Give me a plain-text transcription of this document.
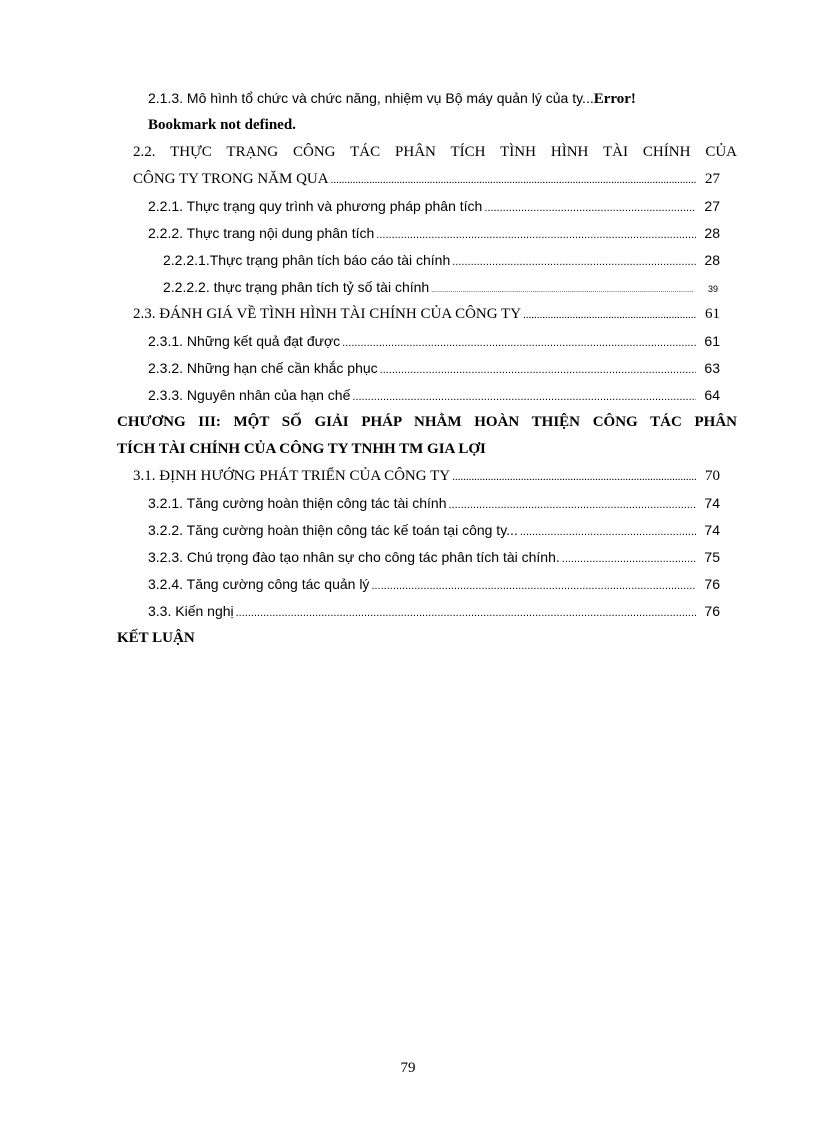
2.1.3. Mô hình tổ chức và chức năng, nhiệm vụ Bộ máy quản lý của ty...Error!
Bookmark not defined.
2.2. THỰC TRẠNG CÔNG TÁC PHÂN TÍCH TÌNH HÌNH TÀI CHÍNH CỦA
CÔNG TY TRONG NĂM QUA .....	27
2.2.1. Thực trạng quy trình và phương pháp phân tích .....	27
2.2.2. Thực trang nội dung phân tích .....	28
2.2.2.1.Thực trạng phân tích báo cáo tài chính .....	28
2.2.2.2. thực trạng phân tích tỷ số tài chính .....	39
2.3. ĐÁNH GIÁ VỀ TÌNH HÌNH TÀI CHÍNH CỦA CÔNG TY .....	61
2.3.1. Những kết quả đạt được .....	61
2.3.2. Những hạn chế cần khắc phục .....	63
2.3.3. Nguyên nhân của hạn chế .....	64
CHƯƠNG III: MỘT SỐ GIẢI PHÁP NHẰM HOÀN THIỆN CÔNG TÁC PHÂN
TÍCH TÀI CHÍNH CỦA CÔNG TY TNHH TM GIA LỢI
3.1. ĐỊNH HƯỚNG PHÁT TRIỂN CỦA CÔNG TY .....	70
3.2.1. Tăng cường hoàn thiện công tác tài chính .....	74
3.2.2. Tăng cường hoàn thiện công tác kế toán tại công ty... .....	74
3.2.3. Chú trọng đào tạo nhân sự cho công tác phân tích tài chính. .....	75
3.2.4. Tăng cường công tác quản lý .....	76
3.3. Kiến nghị .....	76
KẾT LUẬN
79
